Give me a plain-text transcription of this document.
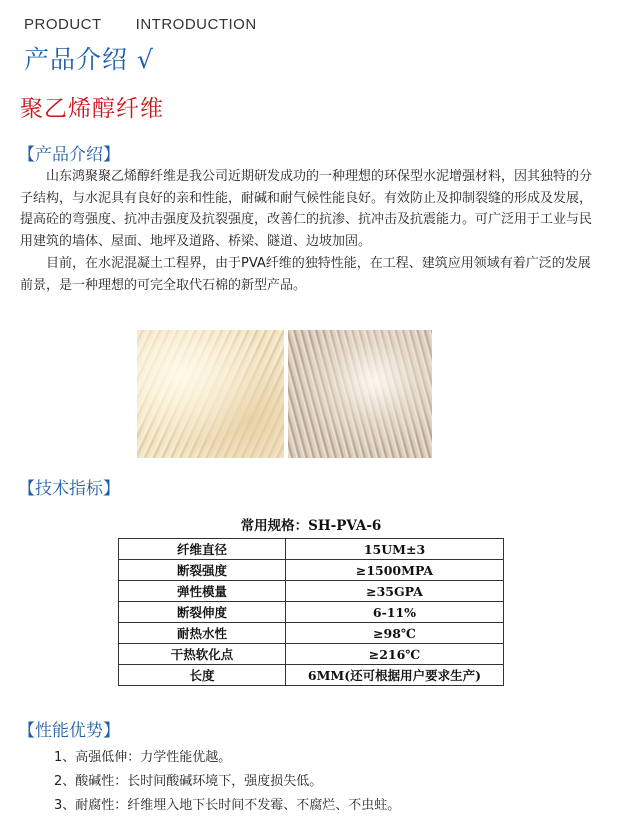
PRODUCT INTRODUCTION
产品介绍 √
聚乙烯醇纤维
【产品介绍】
山东鸿聚聚乙烯醇纤维是我公司近期研发成功的一种理想的环保型水泥增强材料，因其独特的分子结构，与水泥具有良好的亲和性能，耐碱和耐气候性能良好。有效防止及抑制裂缝的形成及发展，提高砼的弯强度、抗冲击强度及抗裂强度，改善仁的抗渗、抗冲击及抗震能力。可广泛用于工业与民用建筑的墙体、屋面、地坪及道路、桥梁、隧道、边坡加固。
目前，在水泥混凝土工程界，由于PVA纤维的独特性能，在工程、建筑应用领域有着广泛的发展前景，是一种理想的可完全取代石棉的新型产品。
【技术指标】
常用规格：SH-PVA-6
纤维直径	15UM±3
断裂强度	≥1500MPA
弹性模量	≥35GPA
断裂伸度	6-11%
耐热水性	≥98℃
干热软化点	≥216℃
长度	6MM(还可根据用户要求生产)
【性能优势】
1、高强低伸：力学性能优越。
2、酸碱性：长时间酸碱环境下，强度损失低。
3、耐腐性：纤维埋入地下长时间不发霉、不腐烂、不虫蛀。
